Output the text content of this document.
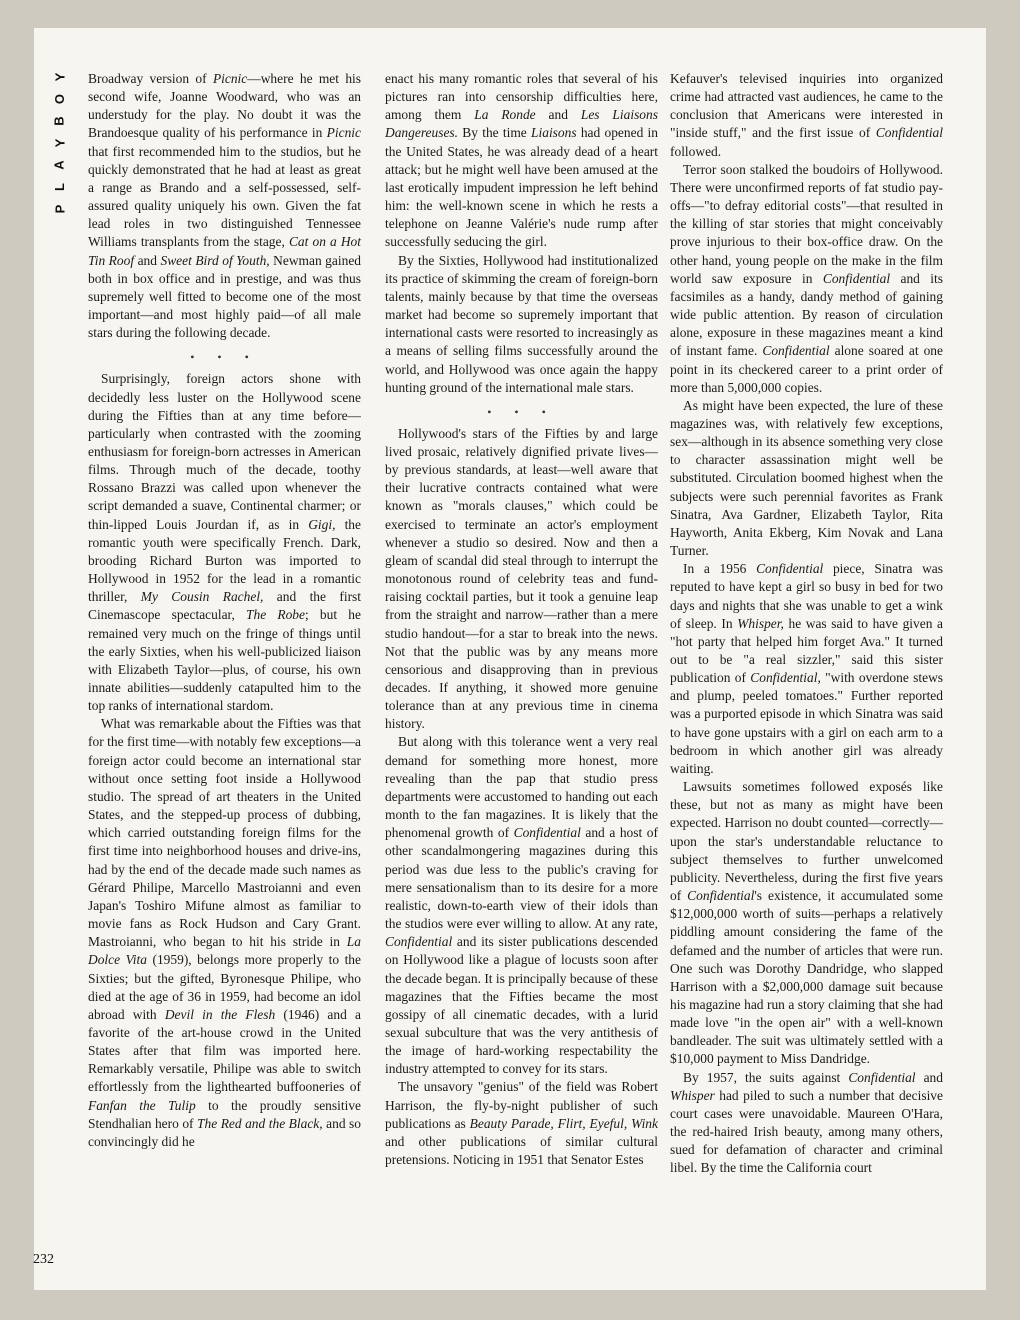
Y
O
B
Y
A
L
P

Broadway version of Picnic—where he met his second wife, Joanne Woodward, who was an understudy for the play. No doubt it was the Brandoesque quality of his performance in Picnic that first recommended him to the studios, but he quickly demonstrated that he had at least as great a range as Brando and a self-possessed, self-assured quality uniquely his own. Given the fat lead roles in two distinguished Tennessee Williams transplants from the stage, Cat on a Hot Tin Roof and Sweet Bird of Youth, Newman gained both in box office and in prestige, and was thus supremely well fitted to become one of the most important—and most highly paid—of all male stars during the following decade.

• • •

Surprisingly, foreign actors shone with decidedly less luster on the Hollywood scene during the Fifties than at any time before—particularly when contrasted with the zooming enthusiasm for foreign-born actresses in American films. Through much of the decade, toothy Rossano Brazzi was called upon whenever the script demanded a suave, Continental charmer; or thin-lipped Louis Jourdan if, as in Gigi, the romantic youth were specifically French. Dark, brooding Richard Burton was imported to Hollywood in 1952 for the lead in a romantic thriller, My Cousin Rachel, and the first Cinemascope spectacular, The Robe; but he remained very much on the fringe of things until the early Sixties, when his well-publicized liaison with Elizabeth Taylor—plus, of course, his own innate abilities—suddenly catapulted him to the top ranks of international stardom.

What was remarkable about the Fifties was that for the first time—with notably few exceptions—a foreign actor could become an international star without once setting foot inside a Hollywood studio. The spread of art theaters in the United States, and the stepped-up process of dubbing, which carried outstanding foreign films for the first time into neighborhood houses and drive-ins, had by the end of the decade made such names as Gérard Philipe, Marcello Mastroianni and even Japan's Toshiro Mifune almost as familiar to movie fans as Rock Hudson and Cary Grant. Mastroianni, who began to hit his stride in La Dolce Vita (1959), belongs more properly to the Sixties; but the gifted, Byronesque Philipe, who died at the age of 36 in 1959, had become an idol abroad with Devil in the Flesh (1946) and a favorite of the art-house crowd in the United States after that film was imported here. Remarkably versatile, Philipe was able to switch effortlessly from the lighthearted buffooneries of Fanfan the Tulip to the proudly sensitive Stendhalian hero of The Red and the Black, and so convincingly did he

enact his many romantic roles that several of his pictures ran into censorship difficulties here, among them La Ronde and Les Liaisons Dangereuses. By the time Liaisons had opened in the United States, he was already dead of a heart attack; but he might well have been amused at the last erotically impudent impression he left behind him: the well-known scene in which he rests a telephone on Jeanne Valérie's nude rump after successfully seducing the girl.

By the Sixties, Hollywood had institutionalized its practice of skimming the cream of foreign-born talents, mainly because by that time the overseas market had become so supremely important that international casts were resorted to increasingly as a means of selling films successfully around the world, and Hollywood was once again the happy hunting ground of the international male stars.

• • •

Hollywood's stars of the Fifties by and large lived prosaic, relatively dignified private lives—by previous standards, at least—well aware that their lucrative contracts contained what were known as "morals clauses," which could be exercised to terminate an actor's employment whenever a studio so desired. Now and then a gleam of scandal did steal through to interrupt the monotonous round of celebrity teas and fund-raising cocktail parties, but it took a genuine leap from the straight and narrow—rather than a mere studio handout—for a star to break into the news. Not that the public was by any means more censorious and disapproving than in previous decades. If anything, it showed more genuine tolerance than at any previous time in cinema history.

But along with this tolerance went a very real demand for something more honest, more revealing than the pap that studio press departments were accustomed to handing out each month to the fan magazines. It is likely that the phenomenal growth of Confidential and a host of other scandalmongering magazines during this period was due less to the public's craving for mere sensationalism than to its desire for a more realistic, down-to-earth view of their idols than the studios were ever willing to allow. At any rate, Confidential and its sister publications descended on Hollywood like a plague of locusts soon after the decade began. It is principally because of these magazines that the Fifties became the most gossipy of all cinematic decades, with a lurid sexual subculture that was the very antithesis of the image of hard-working respectability the industry attempted to convey for its stars.

The unsavory "genius" of the field was Robert Harrison, the fly-by-night publisher of such publications as Beauty Parade, Flirt, Eyeful, Wink and other publications of similar cultural pretensions. Noticing in 1951 that Senator Estes

Kefauver's televised inquiries into organized crime had attracted vast audiences, he came to the conclusion that Americans were interested in "inside stuff," and the first issue of Confidential followed.

Terror soon stalked the boudoirs of Hollywood. There were unconfirmed reports of fat studio pay-offs—"to defray editorial costs"—that resulted in the killing of star stories that might conceivably prove injurious to their box-office draw. On the other hand, young people on the make in the film world saw exposure in Confidential and its facsimiles as a handy, dandy method of gaining wide public attention. By reason of circulation alone, exposure in these magazines meant a kind of instant fame. Confidential alone soared at one point in its checkered career to a print order of more than 5,000,000 copies.

As might have been expected, the lure of these magazines was, with relatively few exceptions, sex—although in its absence something very close to character assassination might well be substituted. Circulation boomed highest when the subjects were such perennial favorites as Frank Sinatra, Ava Gardner, Elizabeth Taylor, Rita Hayworth, Anita Ekberg, Kim Novak and Lana Turner.

In a 1956 Confidential piece, Sinatra was reputed to have kept a girl so busy in bed for two days and nights that she was unable to get a wink of sleep. In Whisper, he was said to have given a "hot party that helped him forget Ava." It turned out to be "a real sizzler," said this sister publication of Confidential, "with overdone stews and plump, peeled tomatoes." Further reported was a purported episode in which Sinatra was said to have gone upstairs with a girl on each arm to a bedroom in which another girl was already waiting.

Lawsuits sometimes followed exposés like these, but not as many as might have been expected. Harrison no doubt counted—correctly—upon the star's understandable reluctance to subject themselves to further unwelcomed publicity. Nevertheless, during the first five years of Confidential's existence, it accumulated some $12,000,000 worth of suits—perhaps a relatively piddling amount considering the fame of the defamed and the number of articles that were run. One such was Dorothy Dandridge, who slapped Harrison with a $2,000,000 damage suit because his magazine had run a story claiming that she had made love "in the open air" with a well-known bandleader. The suit was ultimately settled with a $10,000 payment to Miss Dandridge.

By 1957, the suits against Confidential and Whisper had piled to such a number that decisive court cases were unavoidable. Maureen O'Hara, the red-haired Irish beauty, among many others, sued for defamation of character and criminal libel. By the time the California court

232
